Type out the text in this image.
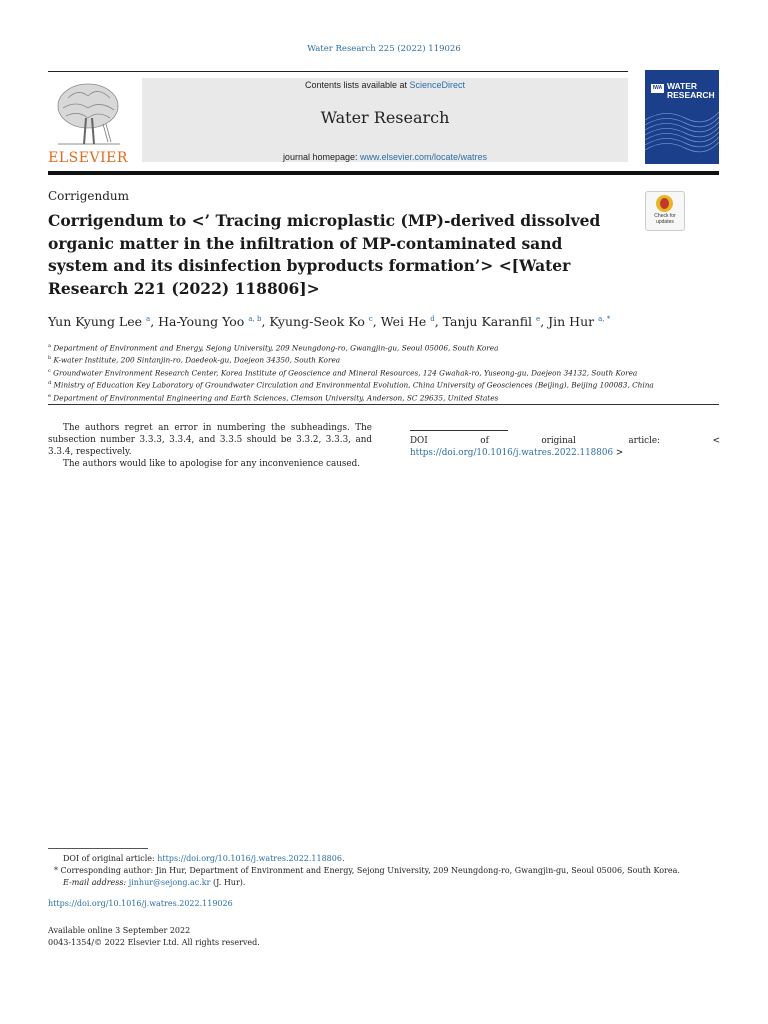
Water Research 225 (2022) 119026
ELSEVIER
Contents lists available at ScienceDirect
Water Research
journal homepage: www.elsevier.com/locate/watres
IWA WATER RESEARCH
Corrigendum
Corrigendum to <’ Tracing microplastic (MP)-derived dissolved organic matter in the infiltration of MP-contaminated sand system and its disinfection byproducts formation’> <[Water Research 221 (2022) 118806]>
Check for updates
Yun Kyung Lee $^a$, Ha-Young Yoo $^{a, b}$, Kyung-Seok Ko $^c$, Wei He $^d$, Tanju Karanfil $^e$, Jin Hur $^{a, *}$
$^a$ Department of Environment and Energy, Sejong University, 209 Neungdong-ro, Gwangjin-gu, Seoul 05006, South Korea
$^b$ K-water Institute, 200 Sintanjin-ro, Daedeok-gu, Daejeon 34350, South Korea
$^c$ Groundwater Environment Research Center, Korea Institute of Geoscience and Mineral Resources, 124 Gwahak-ro, Yuseong-gu, Daejeon 34132, South Korea
$^d$ Ministry of Education Key Laboratory of Groundwater Circulation and Environmental Evolution, China University of Geosciences (Beijing), Beijing 100083, China
$^e$ Department of Environmental Engineering and Earth Sciences, Clemson University, Anderson, SC 29635, United States

The authors regret an error in numbering the subheadings. The subsection number 3.3.3, 3.3.4, and 3.3.5 should be 3.3.2, 3.3.3, and 3.3.4, respectively.

The authors would like to apologise for any inconvenience caused.

DOI of original article: < https://doi.org/10.1016/j.watres.2022.118806 >
DOI of original article: https://doi.org/10.1016/j.watres.2022.118806.
* Corresponding author: Jin Hur, Department of Environment and Energy, Sejong University, 209 Neungdong-ro, Gwangjin-gu, Seoul 05006, South Korea.
E-mail address: jinhur@sejong.ac.kr (J. Hur).
https://doi.org/10.1016/j.watres.2022.119026
Available online 3 September 2022
0043-1354/© 2022 Elsevier Ltd. All rights reserved.
